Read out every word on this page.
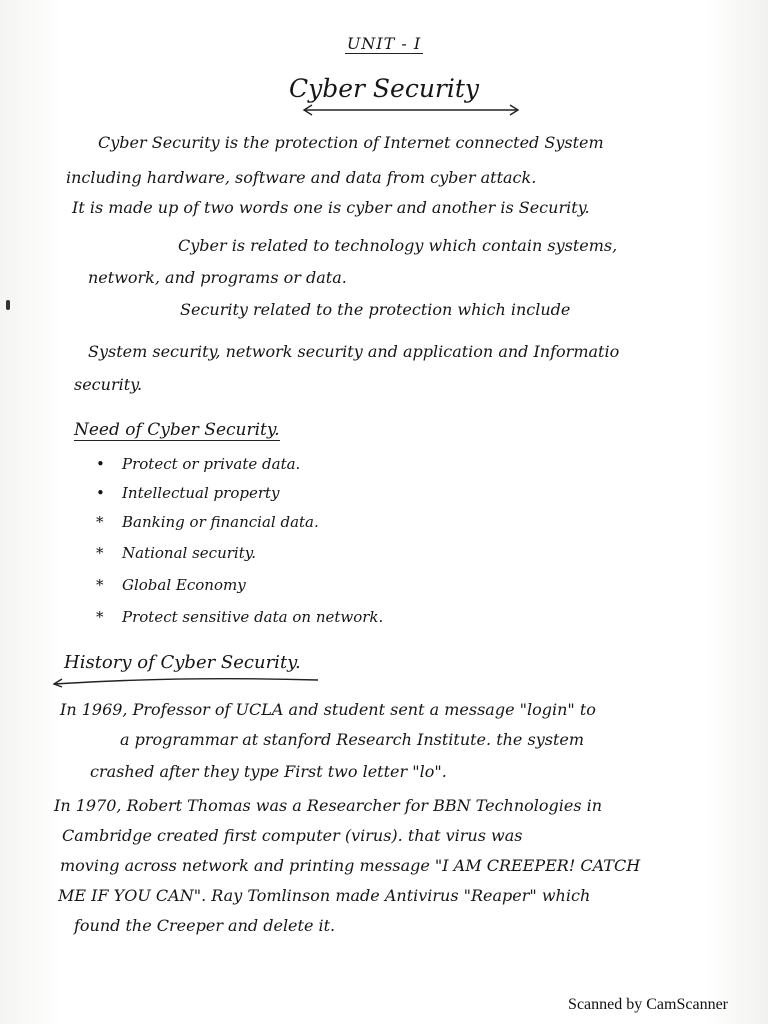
UNIT - I
Cyber Security
Cyber Security is the protection of Internet connected System
including hardware, software and data from cyber attack.
It is made up of two words one is cyber and another is Security.
Cyber is related to technology which contain systems,
network, and programs or data.
Security related to the protection which include
System security, network security and application and Informatio
security.
Need of Cyber Security.
• Protect or private data.
• Intellectual property
* Banking or financial data.
* National security.
* Global Economy
* Protect sensitive data on network.
History of Cyber Security.
In 1969, Professor of UCLA and student sent a message "login" to
a programmar at stanford Research Institute. the system
crashed after they type First two letter "lo".
In 1970, Robert Thomas was a Researcher for BBN Technologies in
Cambridge created first computer (virus). that virus was
moving across network and printing message "I AM CREEPER! CATCH
ME IF YOU CAN". Ray Tomlinson made Antivirus "Reaper" which
found the Creeper and delete it.
Scanned by CamScanner
